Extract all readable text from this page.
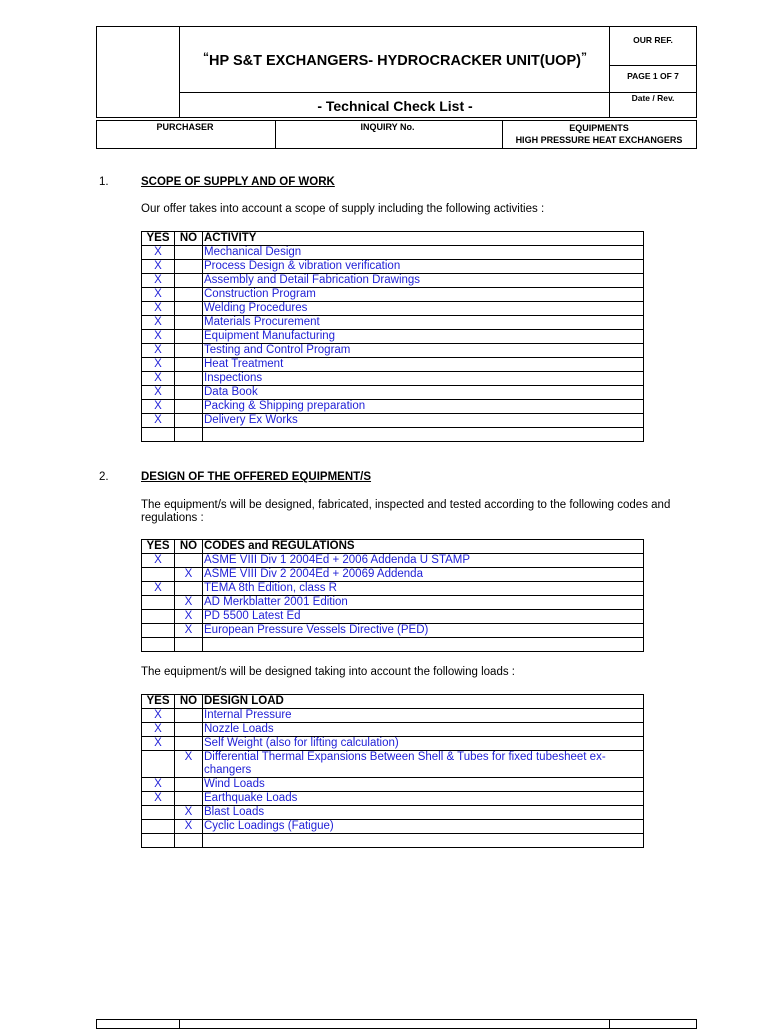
“HP S&T EXCHANGERS- HYDROCRACKER UNIT(UOP)”
- Technical Check List -
OUR REF.
PAGE 1 OF 7
Date / Rev.
PURCHASER	INQUIRY No.	EQUIPMENTS
HIGH PRESSURE HEAT EXCHANGERS
1.	SCOPE OF SUPPLY AND OF WORK
Our offer takes into account a scope of supply including the following activities :
YES	NO	ACTIVITY
X		Mechanical Design
X		Process Design & vibration verification
X		Assembly and Detail Fabrication Drawings
X		Construction Program
X		Welding Procedures
X		Materials Procurement
X		Equipment Manufacturing
X		Testing and Control Program
X		Heat Treatment
X		Inspections
X		Data Book
X		Packing & Shipping preparation
X		Delivery Ex Works

2.	DESIGN OF THE OFFERED EQUIPMENT/S
The equipment/s will be designed, fabricated, inspected and tested according to the following codes and
regulations :
YES	NO	CODES and REGULATIONS
X		ASME VIII Div 1 2004Ed + 2006 Addenda U STAMP
	X	ASME VIII Div 2 2004Ed + 20069 Addenda
X		TEMA 8th Edition, class R
	X	AD Merkblatter 2001 Edition
	X	PD 5500 Latest Ed
	X	European Pressure Vessels Directive (PED)

The equipment/s will be designed taking into account the following loads :
YES	NO	DESIGN LOAD
X		Internal Pressure
X		Nozzle Loads
X		Self Weight (also for lifting calculation)
	X	Differential Thermal Expansions Between Shell & Tubes for fixed tubesheet ex-changers
X		Wind Loads
X		Earthquake Loads
	X	Blast Loads
	X	Cyclic Loadings (Fatigue)
